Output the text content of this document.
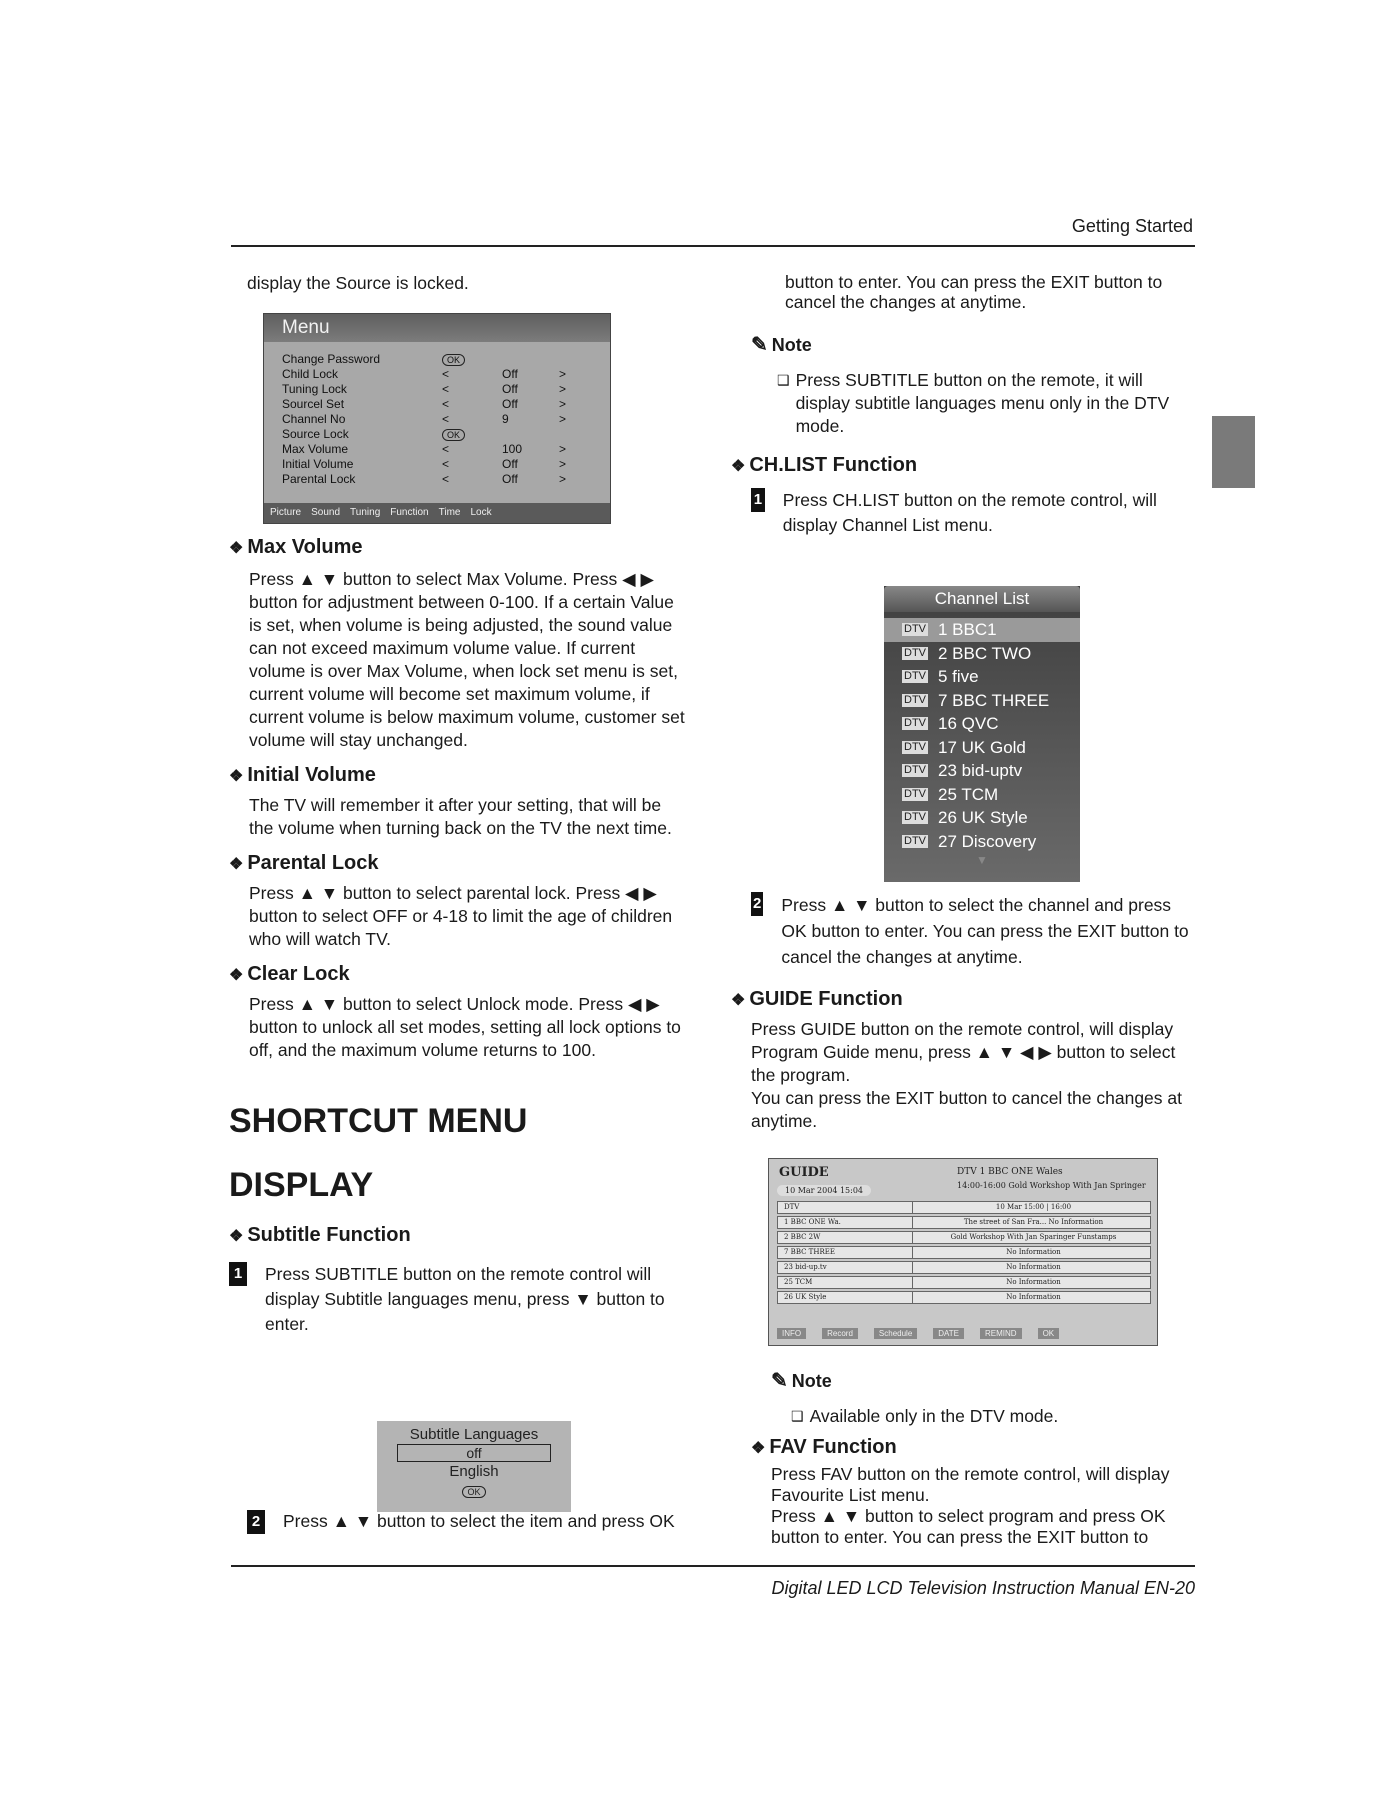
Getting Started

display the Source is locked.

Menu
Change Password	OK
Child Lock	<	Off	>
Tuning Lock	<	Off	>
Sourcel Set	<	Off	>
Channel No	<	9	>
Source Lock	OK
Max Volume	<	100	>
Initial Volume	<	Off	>
Parental Lock	<	Off	>
Picture Sound Tuning Function Time Lock

❖ Max Volume

Press ▲ ▼ button to select Max Volume. Press ◀ ▶ button for adjustment between 0-100. If a certain Value is set, when volume is being adjusted, the sound value can not exceed maximum volume value. If current volume is over Max Volume, when lock set menu is set, current volume will become set maximum volume, if current volume is below maximum volume, customer set volume will stay unchanged.

❖ Initial Volume

The TV will remember it after your setting, that will be the volume when turning back on the TV the next time.

❖ Parental Lock

Press ▲ ▼ button to select parental lock. Press ◀ ▶ button to select OFF or 4-18 to limit the age of children who will watch TV.

❖ Clear Lock

Press ▲ ▼ button to select Unlock mode. Press ◀ ▶ button to unlock all set modes, setting all lock options to off, and the maximum volume returns to 100.

SHORTCUT MENU

DISPLAY

❖ Subtitle Function

1 Press SUBTITLE button on the remote control will display Subtitle languages menu, press ▼ button to enter.

Subtitle Languages
off
English
OK
2 Press ▲ ▼ button to select the item and press OK

button to enter. You can press the EXIT button to cancel the changes at anytime.

✎ Note

❑ Press SUBTITLE button on the remote, it will display subtitle languages menu only in the DTV mode.

❖ CH.LIST Function

1 Press CH.LIST button on the remote control, will display Channel List menu.

Channel List
DTV 1 BBC1
DTV 2 BBC TWO
DTV 5 five
DTV 7 BBC THREE
DTV 16 QVC
DTV 17 UK Gold
DTV 23 bid-uptv
DTV 25 TCM
DTV 26 UK Style
DTV 27 Discovery
▼
2 Press ▲ ▼ button to select the channel and press OK button to enter. You can press the EXIT button to cancel the changes at anytime.

❖ GUIDE Function

Press GUIDE button on the remote control, will display Program Guide menu, press ▲ ▼ ◀ ▶ button to select the program.

You can press the EXIT button to cancel the changes at anytime.

GUIDE
10 Mar 2004 15:04
DTV 1 BBC ONE Wales
14:00-16:00 Gold Workshop With Jan Springer
DTV	10 Mar 15:00 | 16:00
1 BBC ONE Wa.	The street of San Fra... No Information
2 BBC 2W	Gold Workshop With Jan Sparinger Funstamps
7 BBC THREE	No Information
23 bid-up.tv	No Information
25 TCM	No Information
26 UK Style	No Information
INFO	Record	Schedule	DATE	REMIND	OK

✎ Note

❑ Available only in the DTV mode.

❖ FAV Function

Press FAV button on the remote control, will display Favourite List menu.

Press ▲ ▼ button to select program and press OK button to enter. You can press the EXIT button to

Digital LED LCD Television Instruction Manual EN-20
